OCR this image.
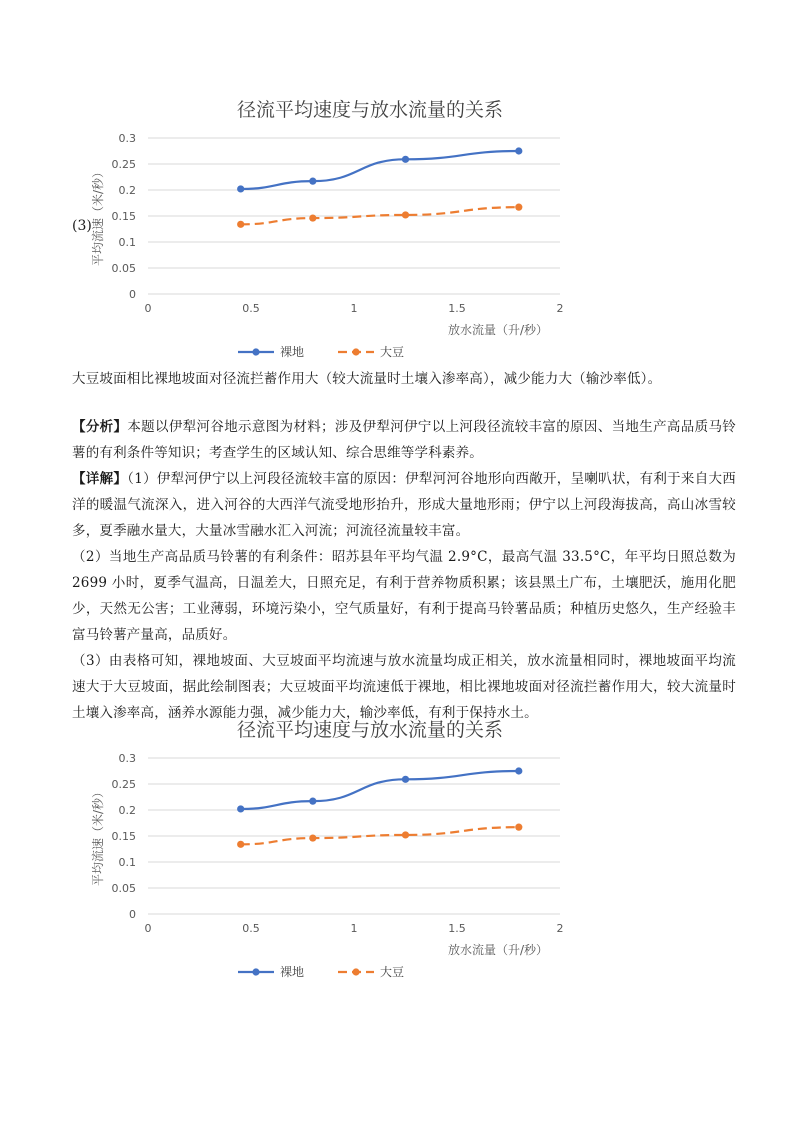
(3)
径流平均速度与放水流量的关系
0
0.05
0.1
0.15
0.2
0.25
0.3
0	0.5	1	1.5	2
平均流速（米/秒）
放水流量（升/秒）
裸地	大豆

大豆坡面相比裸地坡面对径流拦蓄作用大（较大流量时土壤入渗率高），减少能力大（输沙率低）。

【分析】本题以伊犁河谷地示意图为材料；涉及伊犁河伊宁以上河段径流较丰富的原因、当地生产高品质马铃薯的有利条件等知识；考查学生的区域认知、综合思维等学科素养。

【详解】（1）伊犁河伊宁以上河段径流较丰富的原因：伊犁河河谷地形向西敞开，呈喇叭状，有利于来自大西洋的暖温气流深入，进入河谷的大西洋气流受地形抬升，形成大量地形雨；伊宁以上河段海拔高，高山冰雪较多，夏季融水量大，大量冰雪融水汇入河流；河流径流量较丰富。

（2）当地生产高品质马铃薯的有利条件：昭苏县年平均气温 2.9°C，最高气温 33.5°C，年平均日照总数为 2699 小时，夏季气温高，日温差大，日照充足，有利于营养物质积累；该县黑土广布，土壤肥沃，施用化肥少，天然无公害；工业薄弱，环境污染小，空气质量好，有利于提高马铃薯品质；种植历史悠久，生产经验丰富马铃薯产量高，品质好。

（3）由表格可知，裸地坡面、大豆坡面平均流速与放水流量均成正相关，放水流量相同时，裸地坡面平均流速大于大豆坡面，据此绘制图表；大豆坡面平均流速低于裸地，相比裸地坡面对径流拦蓄作用大，较大流量时土壤入渗率高，涵养水源能力强，减少能力大，输沙率低，有利于保持水土。

径流平均速度与放水流量的关系
0
0.05
0.1
0.15
0.2
0.25
0.3
0	0.5	1	1.5	2
平均流速（米/秒）
放水流量（升/秒）
裸地	大豆
